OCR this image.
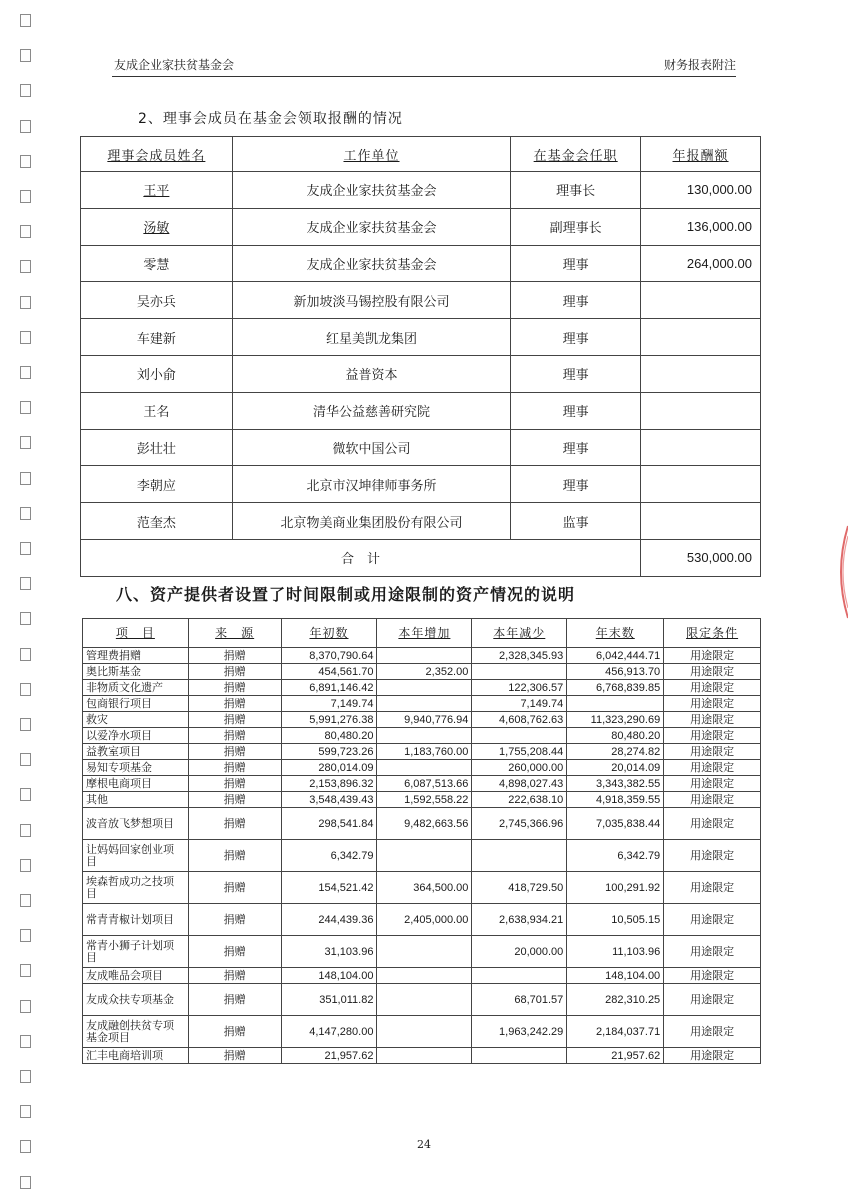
友成企业家扶贫基金会	财务报表附注
2、理事会成员在基金会领取报酬的情况
理事会成员姓名	工作单位	在基金会任职	年报酬额
王平	友成企业家扶贫基金会	理事长	130,000.00
汤敏	友成企业家扶贫基金会	副理事长	136,000.00
零慧	友成企业家扶贫基金会	理事	264,000.00
吴亦兵	新加坡淡马锡控股有限公司	理事	
车建新	红星美凯龙集团	理事	
刘小俞	益普资本	理事	
王名	清华公益慈善研究院	理事	
彭壮壮	微软中国公司	理事	
李朝应	北京市汉坤律师事务所	理事	
范奎杰	北京物美商业集团股份有限公司	监事	
合　计			530,000.00
八、资产提供者设置了时间限制或用途限制的资产情况的说明
项　目	来　源	年初数	本年增加	本年减少	年末数	限定条件
管理费捐赠	捐赠	8,370,790.64		2,328,345.93	6,042,444.71	用途限定
奥比斯基金	捐赠	454,561.70	2,352.00		456,913.70	用途限定
非物质文化遗产	捐赠	6,891,146.42		122,306.57	6,768,839.85	用途限定
包商银行项目	捐赠	7,149.74		7,149.74		用途限定
救灾	捐赠	5,991,276.38	9,940,776.94	4,608,762.63	11,323,290.69	用途限定
以爱净水项目	捐赠	80,480.20			80,480.20	用途限定
益教室项目	捐赠	599,723.26	1,183,760.00	1,755,208.44	28,274.82	用途限定
易知专项基金	捐赠	280,014.09		260,000.00	20,014.09	用途限定
摩根电商项目	捐赠	2,153,896.32	6,087,513.66	4,898,027.43	3,343,382.55	用途限定
其他	捐赠	3,548,439.43	1,592,558.22	222,638.10	4,918,359.55	用途限定
波音放飞梦想项目	捐赠	298,541.84	9,482,663.56	2,745,366.96	7,035,838.44	用途限定
让妈妈回家创业项目	捐赠	6,342.79			6,342.79	用途限定
埃森哲成功之技项目	捐赠	154,521.42	364,500.00	418,729.50	100,291.92	用途限定
常青青椒计划项目	捐赠	244,439.36	2,405,000.00	2,638,934.21	10,505.15	用途限定
常青小狮子计划项目	捐赠	31,103.96		20,000.00	11,103.96	用途限定
友成唯品会项目	捐赠	148,104.00			148,104.00	用途限定
友成众扶专项基金	捐赠	351,011.82		68,701.57	282,310.25	用途限定
友成融创扶贫专项基金项目	捐赠	4,147,280.00		1,963,242.29	2,184,037.71	用途限定
汇丰电商培训项	捐赠	21,957.62			21,957.62	用途限定
24
